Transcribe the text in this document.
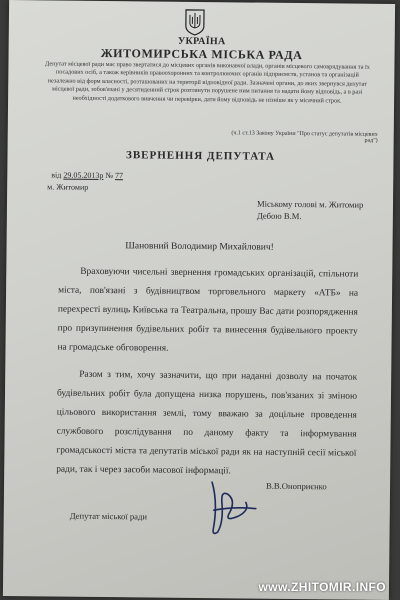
УКРАЇНА
ЖИТОМИРСЬКА МІСЬКА РАДА
Депутат місцевої ради має право звертатися до місцевих органів виконавчої влади, органів місцевого самоврядування та їх посадових осіб, а також керівників правоохоронних та контролюючих органів підприємств, установ та організацій незалежно від форм власності, розташованих на території відповідної ради. Зазначені органи, до яких звернувся депутат місцевої ради, зобов'язані у десятиденний строк розглянути порушене ним питання та надати йому відповідь, а в разі необхідності додаткового вивчення чи перевірки, дати йому відповідь не пізніше як у місячний строк.
(ч.1 ст.13 Закону України "Про статус депутатів місцевих рад")
ЗВЕРНЕННЯ ДЕПУТАТА
від 29.05.2013р № 77
м. Житомир
Міському голові м. Житомир
Дебою В.М.
Шановний Володимир Михайлович!

Враховуючи чисельні звернення громадських організацій, спільноти міста, пов'язані з будівництвом торговельного маркету «АТБ» на перехресті вулиць Київська та Театральна, прошу Вас дати розпорядження про призупинення будівельних робіт та винесення будівельного проекту на громадське обговорення.

Разом з тим, хочу зазначити, що при наданні дозволу на початок будівельних робіт була допущена низка порушень, пов'язаних зі зміною цільового використання землі, тому вважаю за доцільне проведення службового розслідування по даному факту та інформування громадськості міста та депутатів міської ради як на наступній сесії міської ради, так і через засоби масової інформації.

В.В.Оноприєнко
Депутат міської ради
www.ZHITOMIR.INFO
